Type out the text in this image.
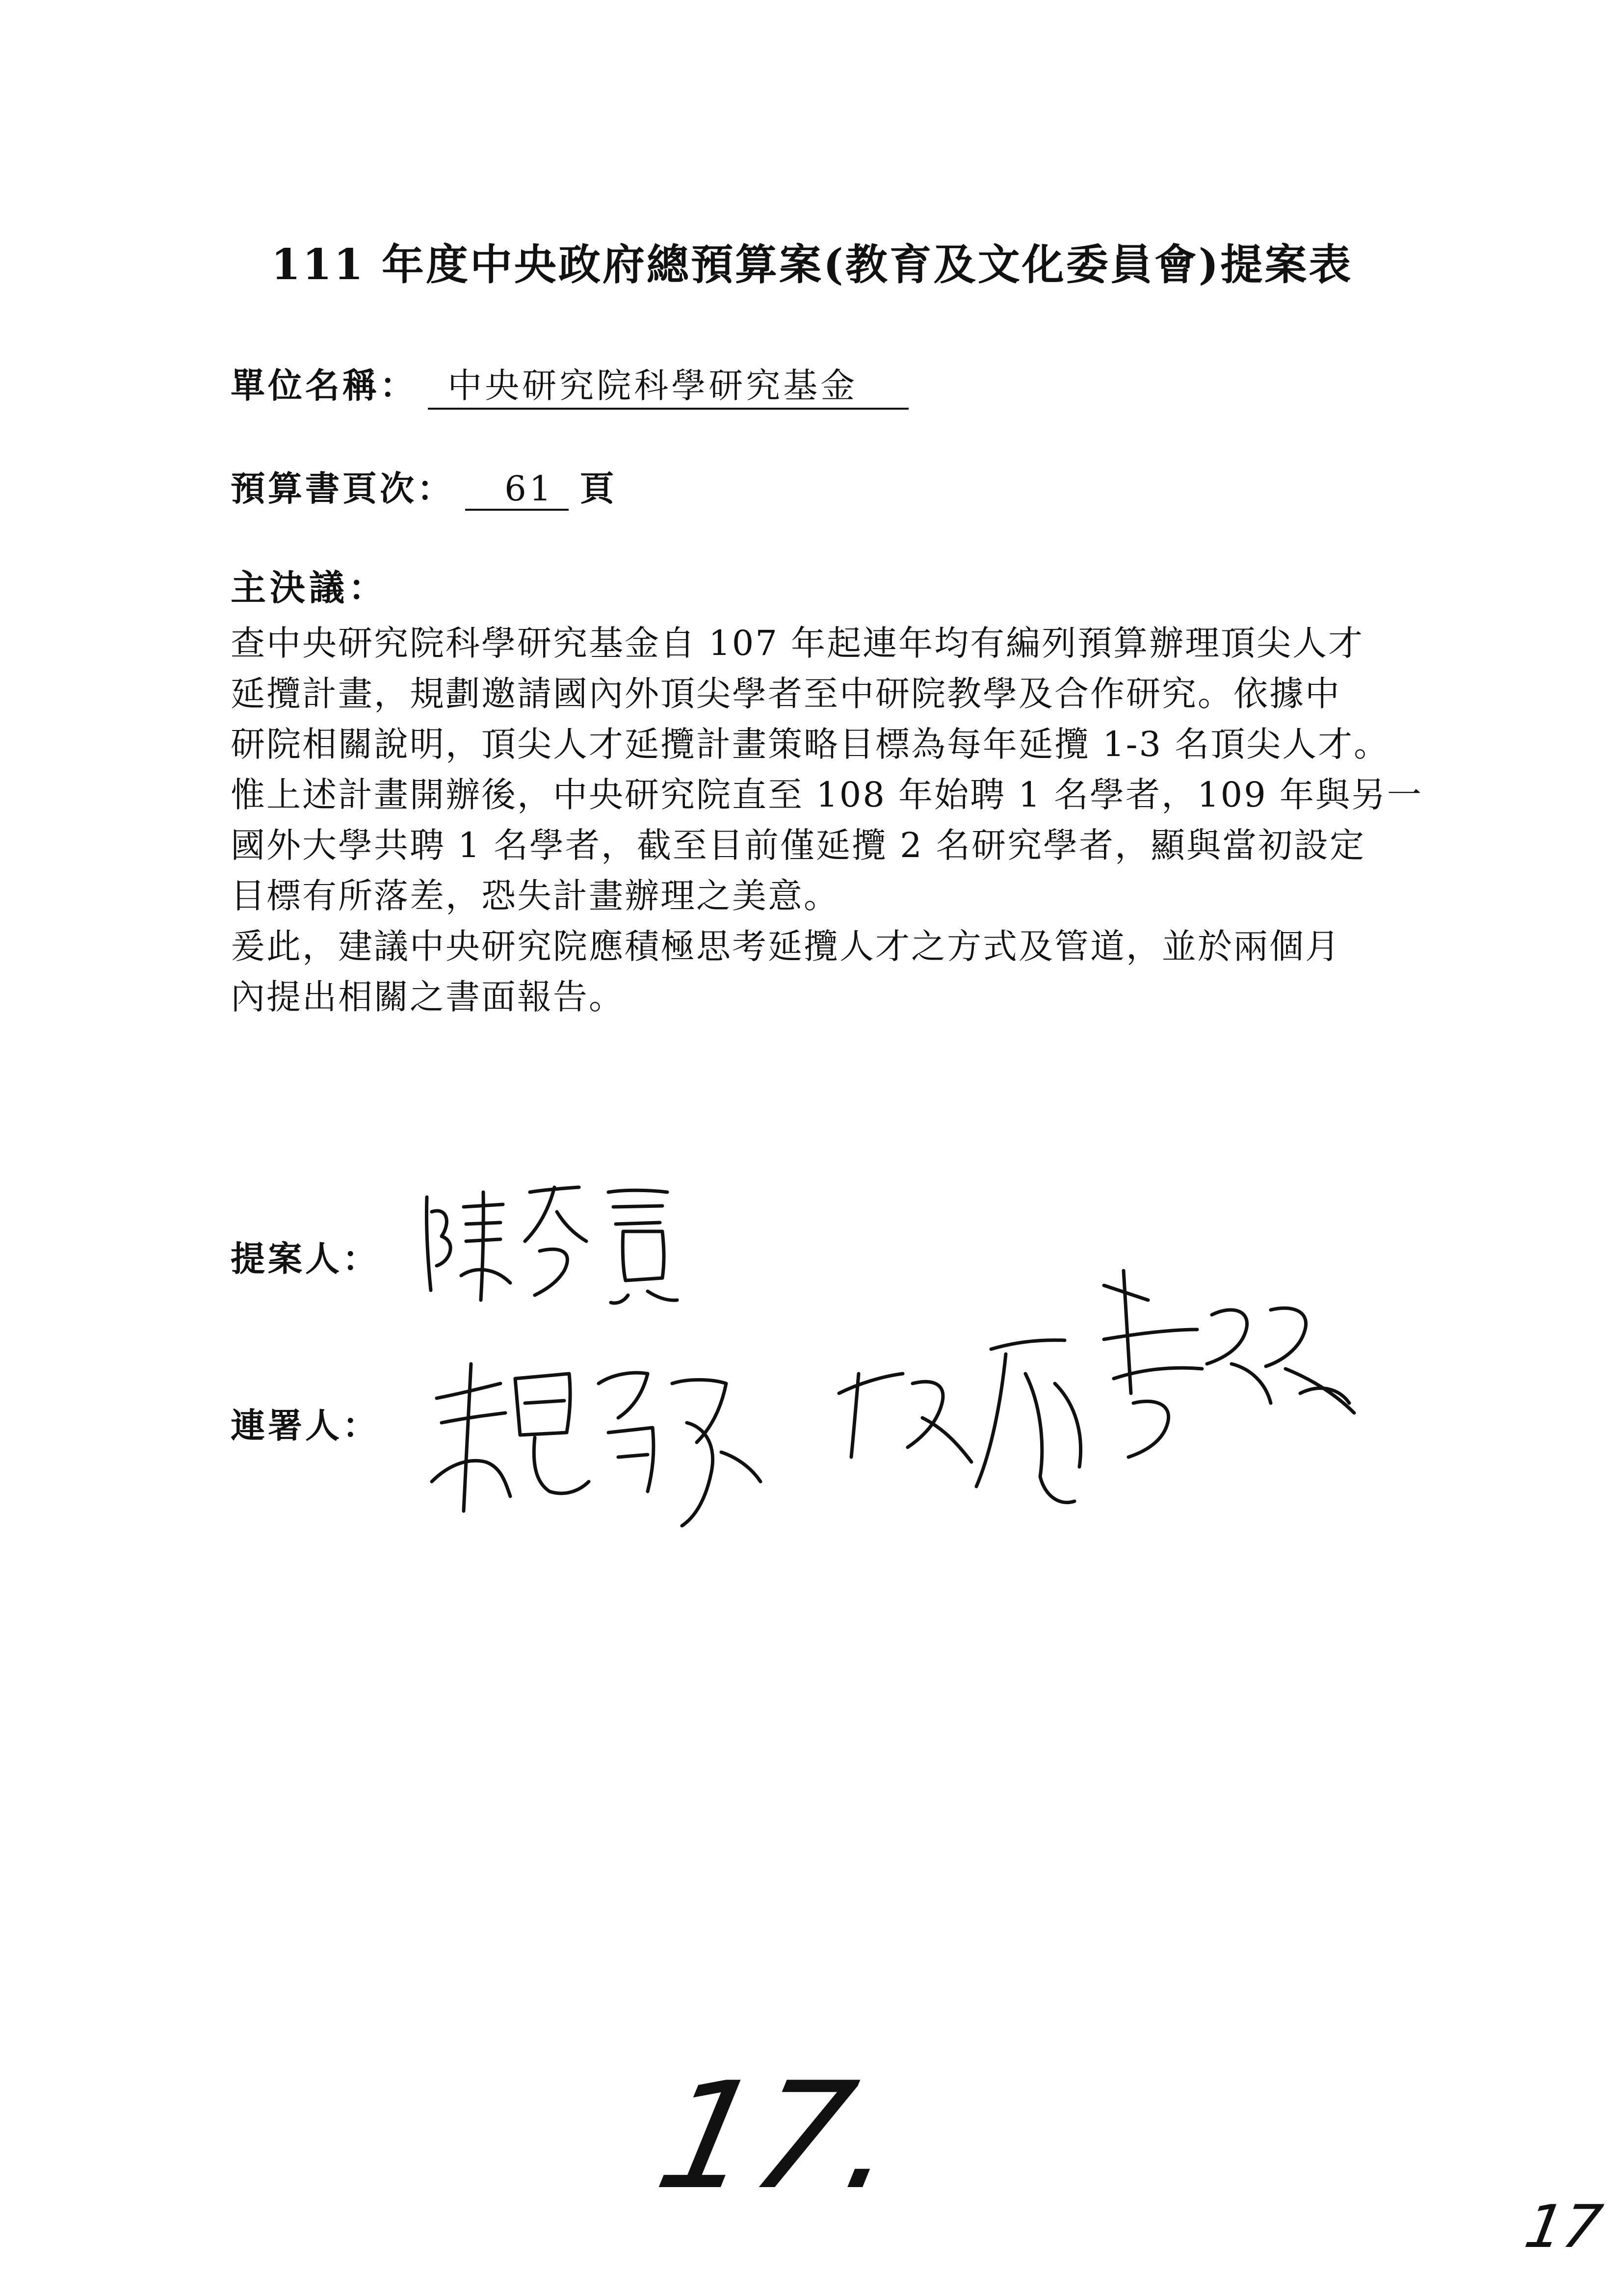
111 年度中央政府總預算案(教育及文化委員會)提案表
單位名稱： 中央研究院科學研究基金
預算書頁次： 61 頁
主決議：
查中央研究院科學研究基金自 107 年起連年均有編列預算辦理頂尖人才
延攬計畫，規劃邀請國內外頂尖學者至中研院教學及合作研究。依據中
研院相關說明，頂尖人才延攬計畫策略目標為每年延攬 1-3 名頂尖人才。
惟上述計畫開辦後，中央研究院直至 108 年始聘 1 名學者，109 年與另一
國外大學共聘 1 名學者，截至目前僅延攬 2 名研究學者，顯與當初設定
目標有所落差，恐失計畫辦理之美意。
爰此，建議中央研究院應積極思考延攬人才之方式及管道，並於兩個月
內提出相關之書面報告。
提案人：
連署人：
17.
17
